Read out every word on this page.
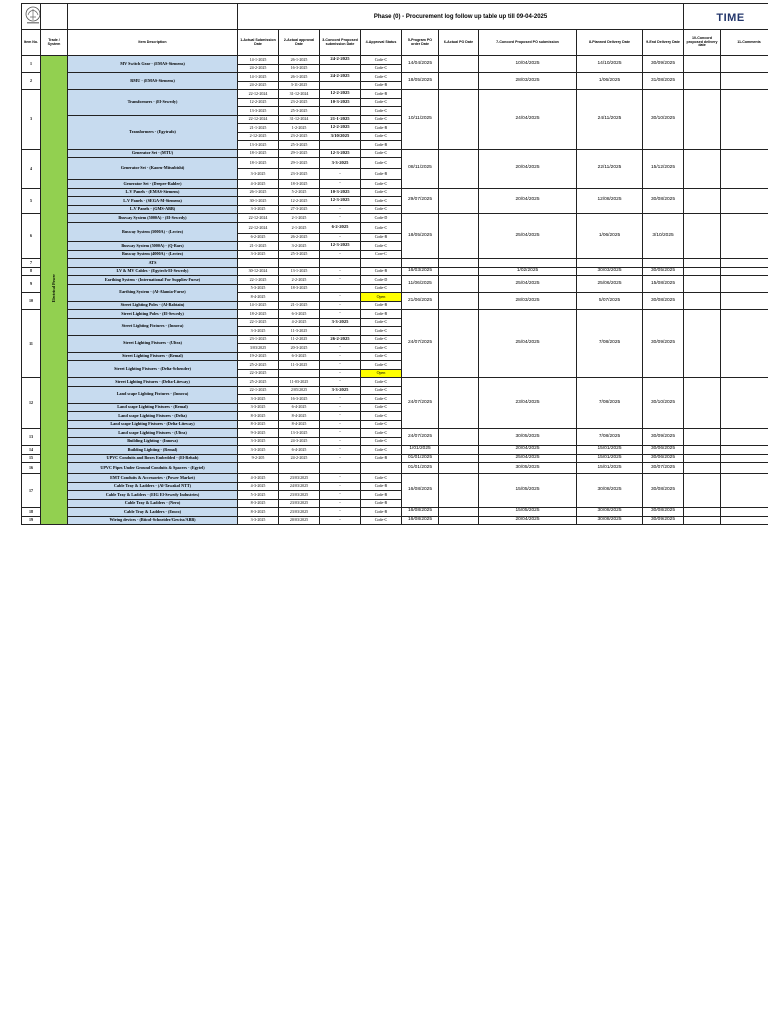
			Phase (0) - Procurement log follow up table up till 09-04-2025									TIME	
Item No.	Trade / System	Item Description	1-Actual Submission Date	2-Actual approval Date	3-Concord Proposed submission Date	4-Approval Status	5-Program PO order Date	6-Actual PO Date	7-Concord Proposed PO submission	8-Planned Delivery Date	9-End Delivery Date	10-Concord proposed delivery date	11-Comments
1	Electrical Power	MV Switch Gear - (EMAS-Siemens)	14-1-2025	26-1-2025	24-2-2025	Code-C	14/04/2025		10/04/2025	14/10/2025	30/09/2025		
			24-2-2025	16-3-2025		Code-C							
2		RMU - (EMAS-Siemens)	14-1-2025	26-1-2025	24-2-2025	Code-C	18/05/2025		28/03/2025	1/06/2025	31/08/2025		
			24-2-2025	3-11-2025		Code-B							
3		Transformers - (El-Sewedy)	22-12-2024	31-12-2024	12-2-2025	Code-B	10/11/2025		24/04/2025	24/11/2025	30/10/2025		
			12-2-2025	23-2-2025	10-3-2025	Code-C							
			13-3-2025	25-3-2025		Code-C							
		Transformers - (Egytrafo)	22-12-2024	31-12-2024	21-1-2025	Code-C							
			21-1-2025	1-2-2025	12-2-2025	Code-B							
			2-12-2025	23-2-2025	3/10/2025	Code-C							
			13-3-2025	25-3-2025		Code-B							
4		Generator Set - (MTU)	18-1-2025	29-1-2025	12-3-2025	Code-C	08/11/2025		20/04/2025	22/11/2025	15/12/2025		
		Generator Set - (Kaoru-Mitsubishi)	18-1-2025	29-1-2025	3-3-2025	Code-C							
			3-3-2025	23-3-2025	-	Code-B							
		Generator Set - (Deepee-Rahler)	4-3-2025	18-3-2025	-	Code-C							
5		L.V Panels - (EMAS-Siemens)	26-1-2025	5-2-2025	10-3-2025	Code-C	29/07/2025		20/04/2025	12/08/2025	30/08/2025		
		L.V Panels - (SEGA-M-Siemens)	30-1-2025	12-2-2025	12-3-2025	Code-C							
		L.V Panels - (GMS-ABB)	3-3-2025	27-3-2025	-	Code-C							
6		Busway System (5000A) - (El-Sewedy)	22-12-2024	2-1-2025	-	Code-D	18/05/2025		25/04/2025	1/06/2025	3/10/2025		
		Busway System (5000A) - (Lectro)	22-12-2024	2-1-2025	6-2-2025	Code-C							
			6-2-2025	26-2-2025	-	Code-B							
		Busway System (5000A) - (Q-Bars)	21-1-2025	3-2-2025	12-3-2025	Code-C							
		Busway System (4000A) - (Lectro)	3-3-2025	25-3-2025	-	Core-C							
7		ATS											
8		LV & MV Cables - (Egytech-El-Sewedy)	30-12-2024	13-1-2025	-	Code-B	16/03/2025		1/02/2025	30/03/2025	30/05/2025		
9		Earthing System - (International For Supplies-Furse)	22-1-2025	2-2-2025	-	Code-D	11/06/2025		25/04/2025	25/06/2025	15/08/2025		
		Earthing System - (Al-Alamia-Furse)	5-3-2025	18-3-2025		Code-C							
10			8-4-2025		-	Open	21/06/2025		28/03/2025	5/07/2025	30/08/2025		
		Street Lighting Poles - (Al-Rabtain)	14-1-2025	21-1-2025	-	Code-B							
11		Street Lighting Poles - (El-Sewedy)	18-2-2025	6-3-2025	-	Code-B	24/07/2025		25/04/2025	7/08/2025	30/09/2025		
		Street Lighting Fixtures - (Innova)	22-1-2025	4-2-2025	3-3-2025	Code-C							
			3-3-2025	11-3-2025	-	Code-C							
		Street Lighting Fixtures - (Ultra)	23-1-2025	11-2-2025	26-2-2025	Code-C							
			3/03/2025	20-3-2025	-	Code-C							
		Street Lighting Fixtures - (Remal)	19-2-2025	6-3-2025	-	Code-C							
		Street Lighting Fixtures - (Delta-Schender)	25-2-2025	11-3-2025	-	Code-C							
			22-3-2025		-	Open							
12		Street Lighting Fixtures - (Delta-Liteway)	25-2-2025	11-03-2025	-	Code-C	24/07/2025		23/04/2025	7/08/2025	30/10/2025		
		Land scape Lighting Fixtures - (Innova)	22-1-2025	2/05/2025	3-3-2025	Code-C							
			3-3-2025	16-3-2025	-	Code-C							
		Land scape Lighting Fixtures - (Remal)	3-3-2025	6-4-2025	-	Code-C							
		Land scape Lighting Fixtures - (Delta)	8-3-2025	8-4-2025	-	Code-C							
		Land scape Lighting Fixtures - (Delta-Liteway)	8-3-2025	8-4-2025	-	Code-C							
13		Land scape Lighting Fixtures - (Ultra)	9-3-2025	13-3-2025	-	Code-C	24/07/2025		30/05/2025	7/08/2025	30/09/2025		
		Building Lighting - (Innova)	3-3-2025	24-3-2025	-	Code-C							
14		Building Lighting - (Remal)	3-3-2025	6-4-2025	-	Code-C	1/01/2025		20/04/2025	15/01/2025	30/06/2025		
15		UPVC Conduits and Boxes Embedded - (El-Rehab)	9-2-205	24-2-2025	-	Code-B	01/01/2025		25/04/2025	15/01/2025	30/06/2025		
16		UPVC Pipes Under Ground Conduits & Spacers - (Egytel)					01/01/2025		30/05/2025	15/01/2025	30/07/2025		
17		EMT Conduits & Accessories - (Power Market)	4-3-2025	23/03/2025	-	Code-C	16/08/2025		15/05/2025	30/08/2025	30/08/2025		
		Cable Tray & Ladders - (Al-Tawakol NTT)	4-3-2025	24/03/2025	-	Code-B							
		Cable Tray & Ladders - (EIG El-Sewedy Industries)	5-3-2025	23/03/2025	-	Code-B							
		Cable Tray & Ladders - (Nero)	8-3-2025	23/03/2025	-	Code-B							
18		Cable Tray & Ladders - (Emco)	8-3-2025	23/03/2025	-	Code-B	16/08/2025		15/05/2025	30/08/2025	30/08/2025		
19		Wiring devices - (Bticol-Schneider/Gewiss/ABB)	3-3-2025	20/03/2025	-	Code-C	16/08/2025		20/04/2025	30/08/2025	30/09/2025		
